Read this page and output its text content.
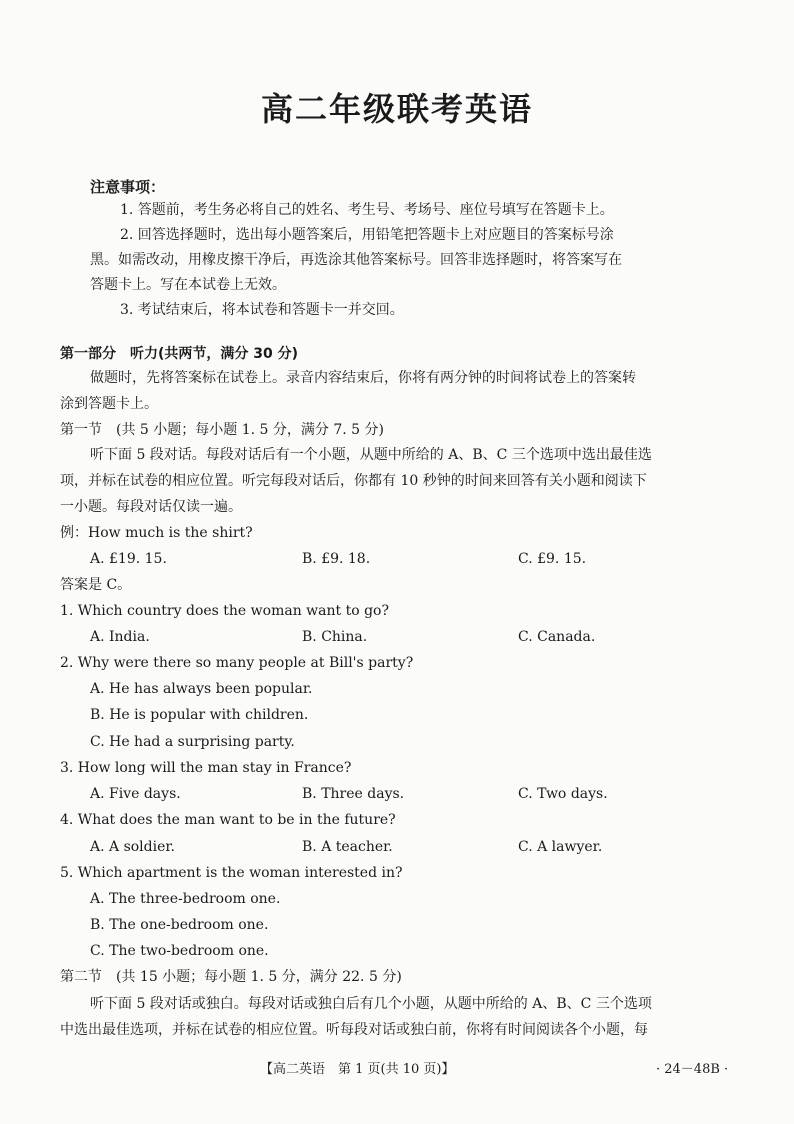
高二年级联考英语
注意事项：
1. 答题前，考生务必将自己的姓名、考生号、考场号、座位号填写在答题卡上。
2. 回答选择题时，选出每小题答案后，用铅笔把答题卡上对应题目的答案标号涂
黑。如需改动，用橡皮擦干净后，再选涂其他答案标号。回答非选择题时，将答案写在
答题卡上。写在本试卷上无效。
3. 考试结束后，将本试卷和答题卡一并交回。
第一部分　听力(共两节，满分 30 分)
做题时，先将答案标在试卷上。录音内容结束后，你将有两分钟的时间将试卷上的答案转
涂到答题卡上。
第一节　(共 5 小题；每小题 1. 5 分，满分 7. 5 分)
听下面 5 段对话。每段对话后有一个小题，从题中所给的 A、B、C 三个选项中选出最佳选
项，并标在试卷的相应位置。听完每段对话后，你都有 10 秒钟的时间来回答有关小题和阅读下
一小题。每段对话仅读一遍。
例：How much is the shirt?
A. £19. 15.	B. £9. 18.	C. £9. 15.
答案是 C。
1. Which country does the woman want to go?
A. India.	B. China.	C. Canada.
2. Why were there so many people at Bill's party?
A. He has always been popular.
B. He is popular with children.
C. He had a surprising party.
3. How long will the man stay in France?
A. Five days.	B. Three days.	C. Two days.
4. What does the man want to be in the future?
A. A soldier.	B. A teacher.	C. A lawyer.
5. Which apartment is the woman interested in?
A. The three-bedroom one.
B. The one-bedroom one.
C. The two-bedroom one.
第二节　(共 15 小题；每小题 1. 5 分，满分 22. 5 分)
听下面 5 段对话或独白。每段对话或独白后有几个小题，从题中所给的 A、B、C 三个选项
中选出最佳选项，并标在试卷的相应位置。听每段对话或独白前，你将有时间阅读各个小题，每
【高二英语　第 1 页(共 10 页)】	· 24－48B ·
